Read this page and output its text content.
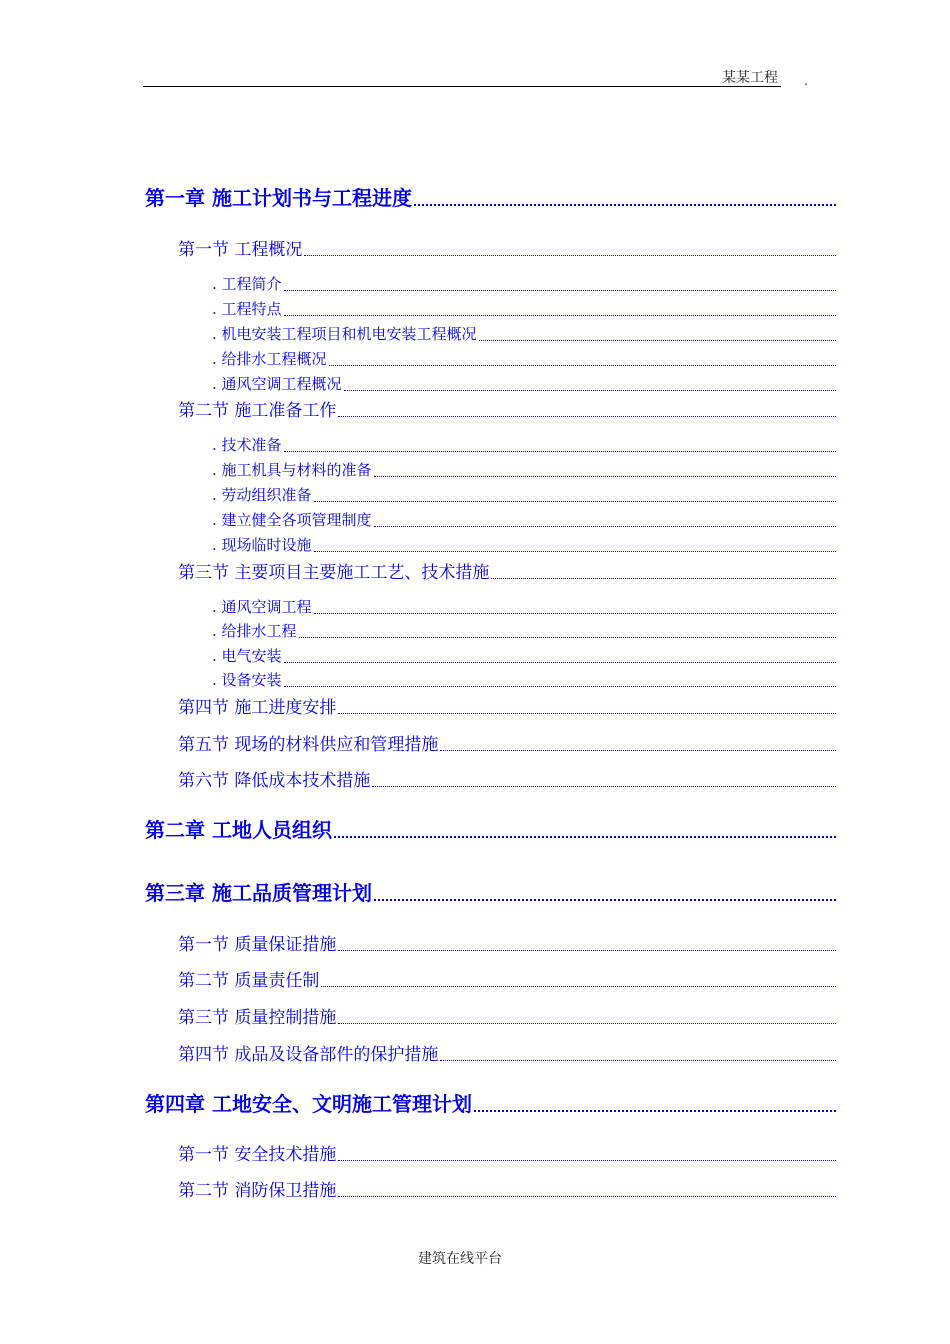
某某工程 .
第一章 施工计划书与工程进度
第一节 工程概况
. 工程简介
. 工程特点
. 机电安装工程项目和机电安装工程概况
. 给排水工程概况
. 通风空调工程概况
第二节 施工准备工作
. 技术准备
. 施工机具与材料的准备
. 劳动组织准备
. 建立健全各项管理制度
. 现场临时设施
第三节 主要项目主要施工工艺、技术措施
. 通风空调工程
. 给排水工程
. 电气安装
. 设备安装
第四节 施工进度安排
第五节 现场的材料供应和管理措施
第六节 降低成本技术措施
第二章 工地人员组织
第三章 施工品质管理计划
第一节 质量保证措施
第二节 质量责任制
第三节 质量控制措施
第四节 成品及设备部件的保护措施
第四章 工地安全、文明施工管理计划
第一节 安全技术措施
第二节 消防保卫措施
建筑在线平台
